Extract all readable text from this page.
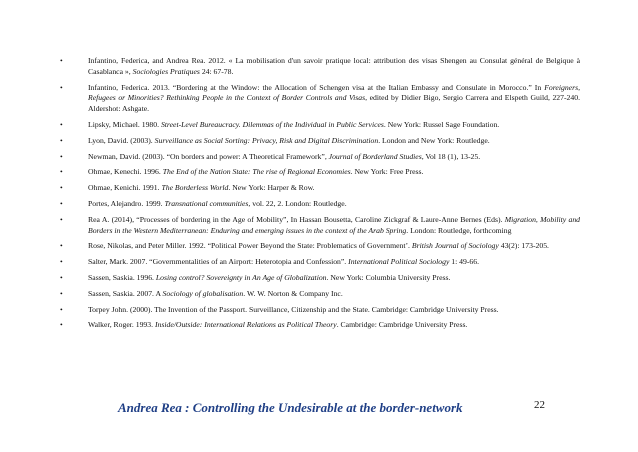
•	Infantino, Federica, and Andrea Rea. 2012. « La mobilisation d'un savoir pratique local: attribution des visas Shengen au Consulat général de Belgique à Casablanca », Sociologies Pratiques 24: 67-78.
•	Infantino, Federica. 2013. “Bordering at the Window: the Allocation of Schengen visa at the Italian Embassy and Consulate in Morocco.” In Foreigners, Refugees or Minorities? Rethinking People in the Context of Border Controls and Visas, edited by Didier Bigo, Sergio Carrera and Elspeth Guild, 227-240. Aldershot: Ashgate.
•	Lipsky, Michael. 1980. Street-Level Bureaucracy. Dilemmas of the Individual in Public Services. New York: Russel Sage Foundation.
•	Lyon, David. (2003). Surveillance as Social Sorting: Privacy, Risk and Digital Discrimination. London and New York: Routledge.
•	Newman, David. (2003). “On borders and power: A Theoretical Framework”, Journal of Borderland Studies, Vol 18 (1), 13-25.
•	Ohmae, Kenechi. 1996. The End of the Nation State: The rise of Regional Economies. New York: Free Press.
•	Ohmae, Kenichi. 1991. The Borderless World. New York: Harper & Row.
•	Portes, Alejandro. 1999. Transnational communities, vol. 22, 2. London: Routledge.
•	Rea A. (2014), “Processes of bordering in the Age of Mobility”, In Hassan Bousetta, Caroline Zickgraf & Laure-Anne Bernes (Eds). Migration, Mobility and Borders in the Western Mediterranean: Enduring and emerging issues in the context of the Arab Spring. London: Routledge, forthcoming
•	Rose, Nikolas, and Peter Miller. 1992. “Political Power Beyond the State: Problematics of Government’. British Journal of Sociology 43(2): 173-205.
•	Salter, Mark. 2007. “Governmentalities of an Airport: Heterotopia and Confession”. International Political Sociology 1: 49-66.
•	Sassen, Saskia. 1996. Losing control? Sovereignty in An Age of Globalization. New York: Columbia University Press.
•	Sassen, Saskia. 2007. A Sociology of globalisation. W. W. Norton & Company Inc.
•	Torpey John. (2000). The Invention of the Passport. Surveillance, Citizenship and the State. Cambridge: Cambridge University Press.
•	Walker, Roger. 1993. Inside/Outside: International Relations as Political Theory. Cambridge: Cambridge University Press.
Andrea Rea : Controlling the Undesirable at the border-network	22
